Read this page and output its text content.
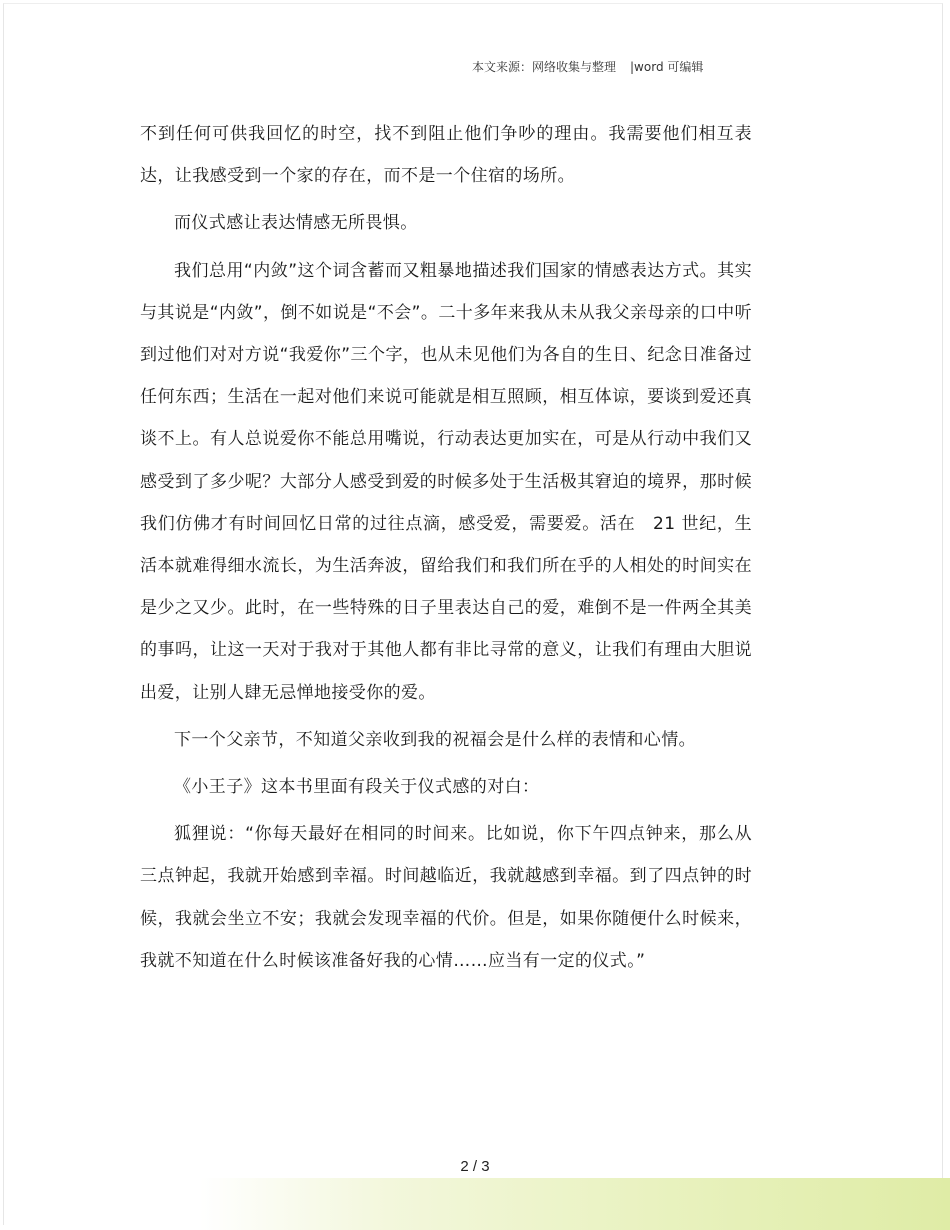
本文来源：网络收集与整理 |word 可编辑

不到任何可供我回忆的时空，找不到阻止他们争吵的理由。我需要他们相互表达，让我感受到一个家的存在，而不是一个住宿的场所。

而仪式感让表达情感无所畏惧。

我们总用“内敛”这个词含蓄而又粗暴地描述我们国家的情感表达方式。其实与其说是“内敛”，倒不如说是“不会”。二十多年来我从未从我父亲母亲的口中听到过他们对对方说“我爱你”三个字，也从未见他们为各自的生日、纪念日准备过任何东西；生活在一起对他们来说可能就是相互照顾，相互体谅，要谈到爱还真谈不上。有人总说爱你不能总用嘴说，行动表达更加实在，可是从行动中我们又感受到了多少呢？大部分人感受到爱的时候多处于生活极其窘迫的境界，那时候我们仿佛才有时间回忆日常的过往点滴，感受爱，需要爱。活在　21 世纪，生活本就难得细水流长，为生活奔波，留给我们和我们所在乎的人相处的时间实在是少之又少。此时，在一些特殊的日子里表达自己的爱，难倒不是一件两全其美的事吗，让这一天对于我对于其他人都有非比寻常的意义，让我们有理由大胆说出爱，让别人肆无忌惮地接受你的爱。

下一个父亲节，不知道父亲收到我的祝福会是什么样的表情和心情。

《小王子》这本书里面有段关于仪式感的对白：

狐狸说：“你每天最好在相同的时间来。比如说，你下午四点钟来，那么从三点钟起，我就开始感到幸福。时间越临近，我就越感到幸福。到了四点钟的时候，我就会坐立不安；我就会发现幸福的代价。但是，如果你随便什么时候来，我就不知道在什么时候该准备好我的心情……应当有一定的仪式。”

2 / 3
